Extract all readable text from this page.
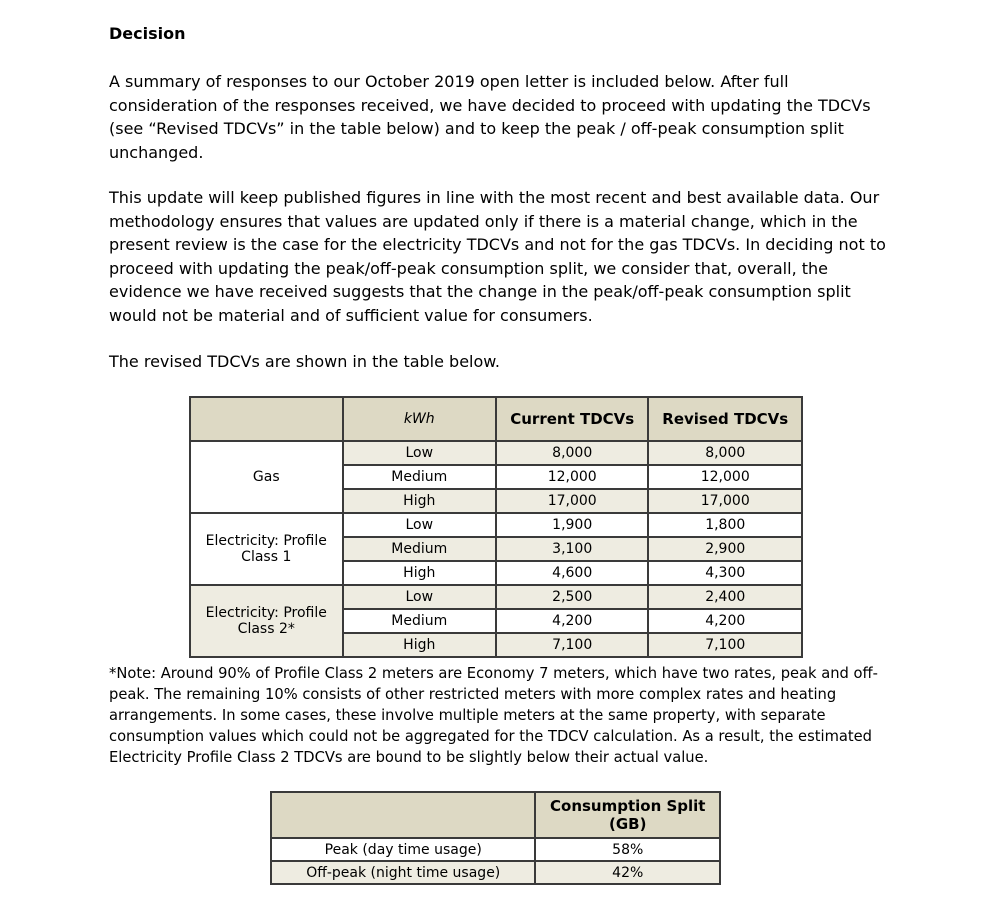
Decision

A summary of responses to our October 2019 open letter is included below. After full consideration of the responses received, we have decided to proceed with updating the TDCVs (see “Revised TDCVs” in the table below) and to keep the peak / off-peak consumption split unchanged.

This update will keep published figures in line with the most recent and best available data. Our methodology ensures that values are updated only if there is a material change, which in the present review is the case for the electricity TDCVs and not for the gas TDCVs. In deciding not to proceed with updating the peak/off-peak consumption split, we consider that, overall, the evidence we have received suggests that the change in the peak/off-peak consumption split would not be material and of sufficient value for consumers.

The revised TDCVs are shown in the table below.

	kWh	Current TDCVs	Revised TDCVs
Gas	Low	8,000	8,000
	Medium	12,000	12,000
	High	17,000	17,000
Electricity: Profile Class 1	Low	1,900	1,800
	Medium	3,100	2,900
	High	4,600	4,300
Electricity: Profile Class 2*	Low	2,500	2,400
	Medium	4,200	4,200
	High	7,100	7,100

*Note: Around 90% of Profile Class 2 meters are Economy 7 meters, which have two rates, peak and off-peak. The remaining 10% consists of other restricted meters with more complex rates and heating arrangements. In some cases, these involve multiple meters at the same property, with separate consumption values which could not be aggregated for the TDCV calculation. As a result, the estimated Electricity Profile Class 2 TDCVs are bound to be slightly below their actual value.

	Consumption Split (GB)
Peak (day time usage)	58%
Off-peak (night time usage)	42%
